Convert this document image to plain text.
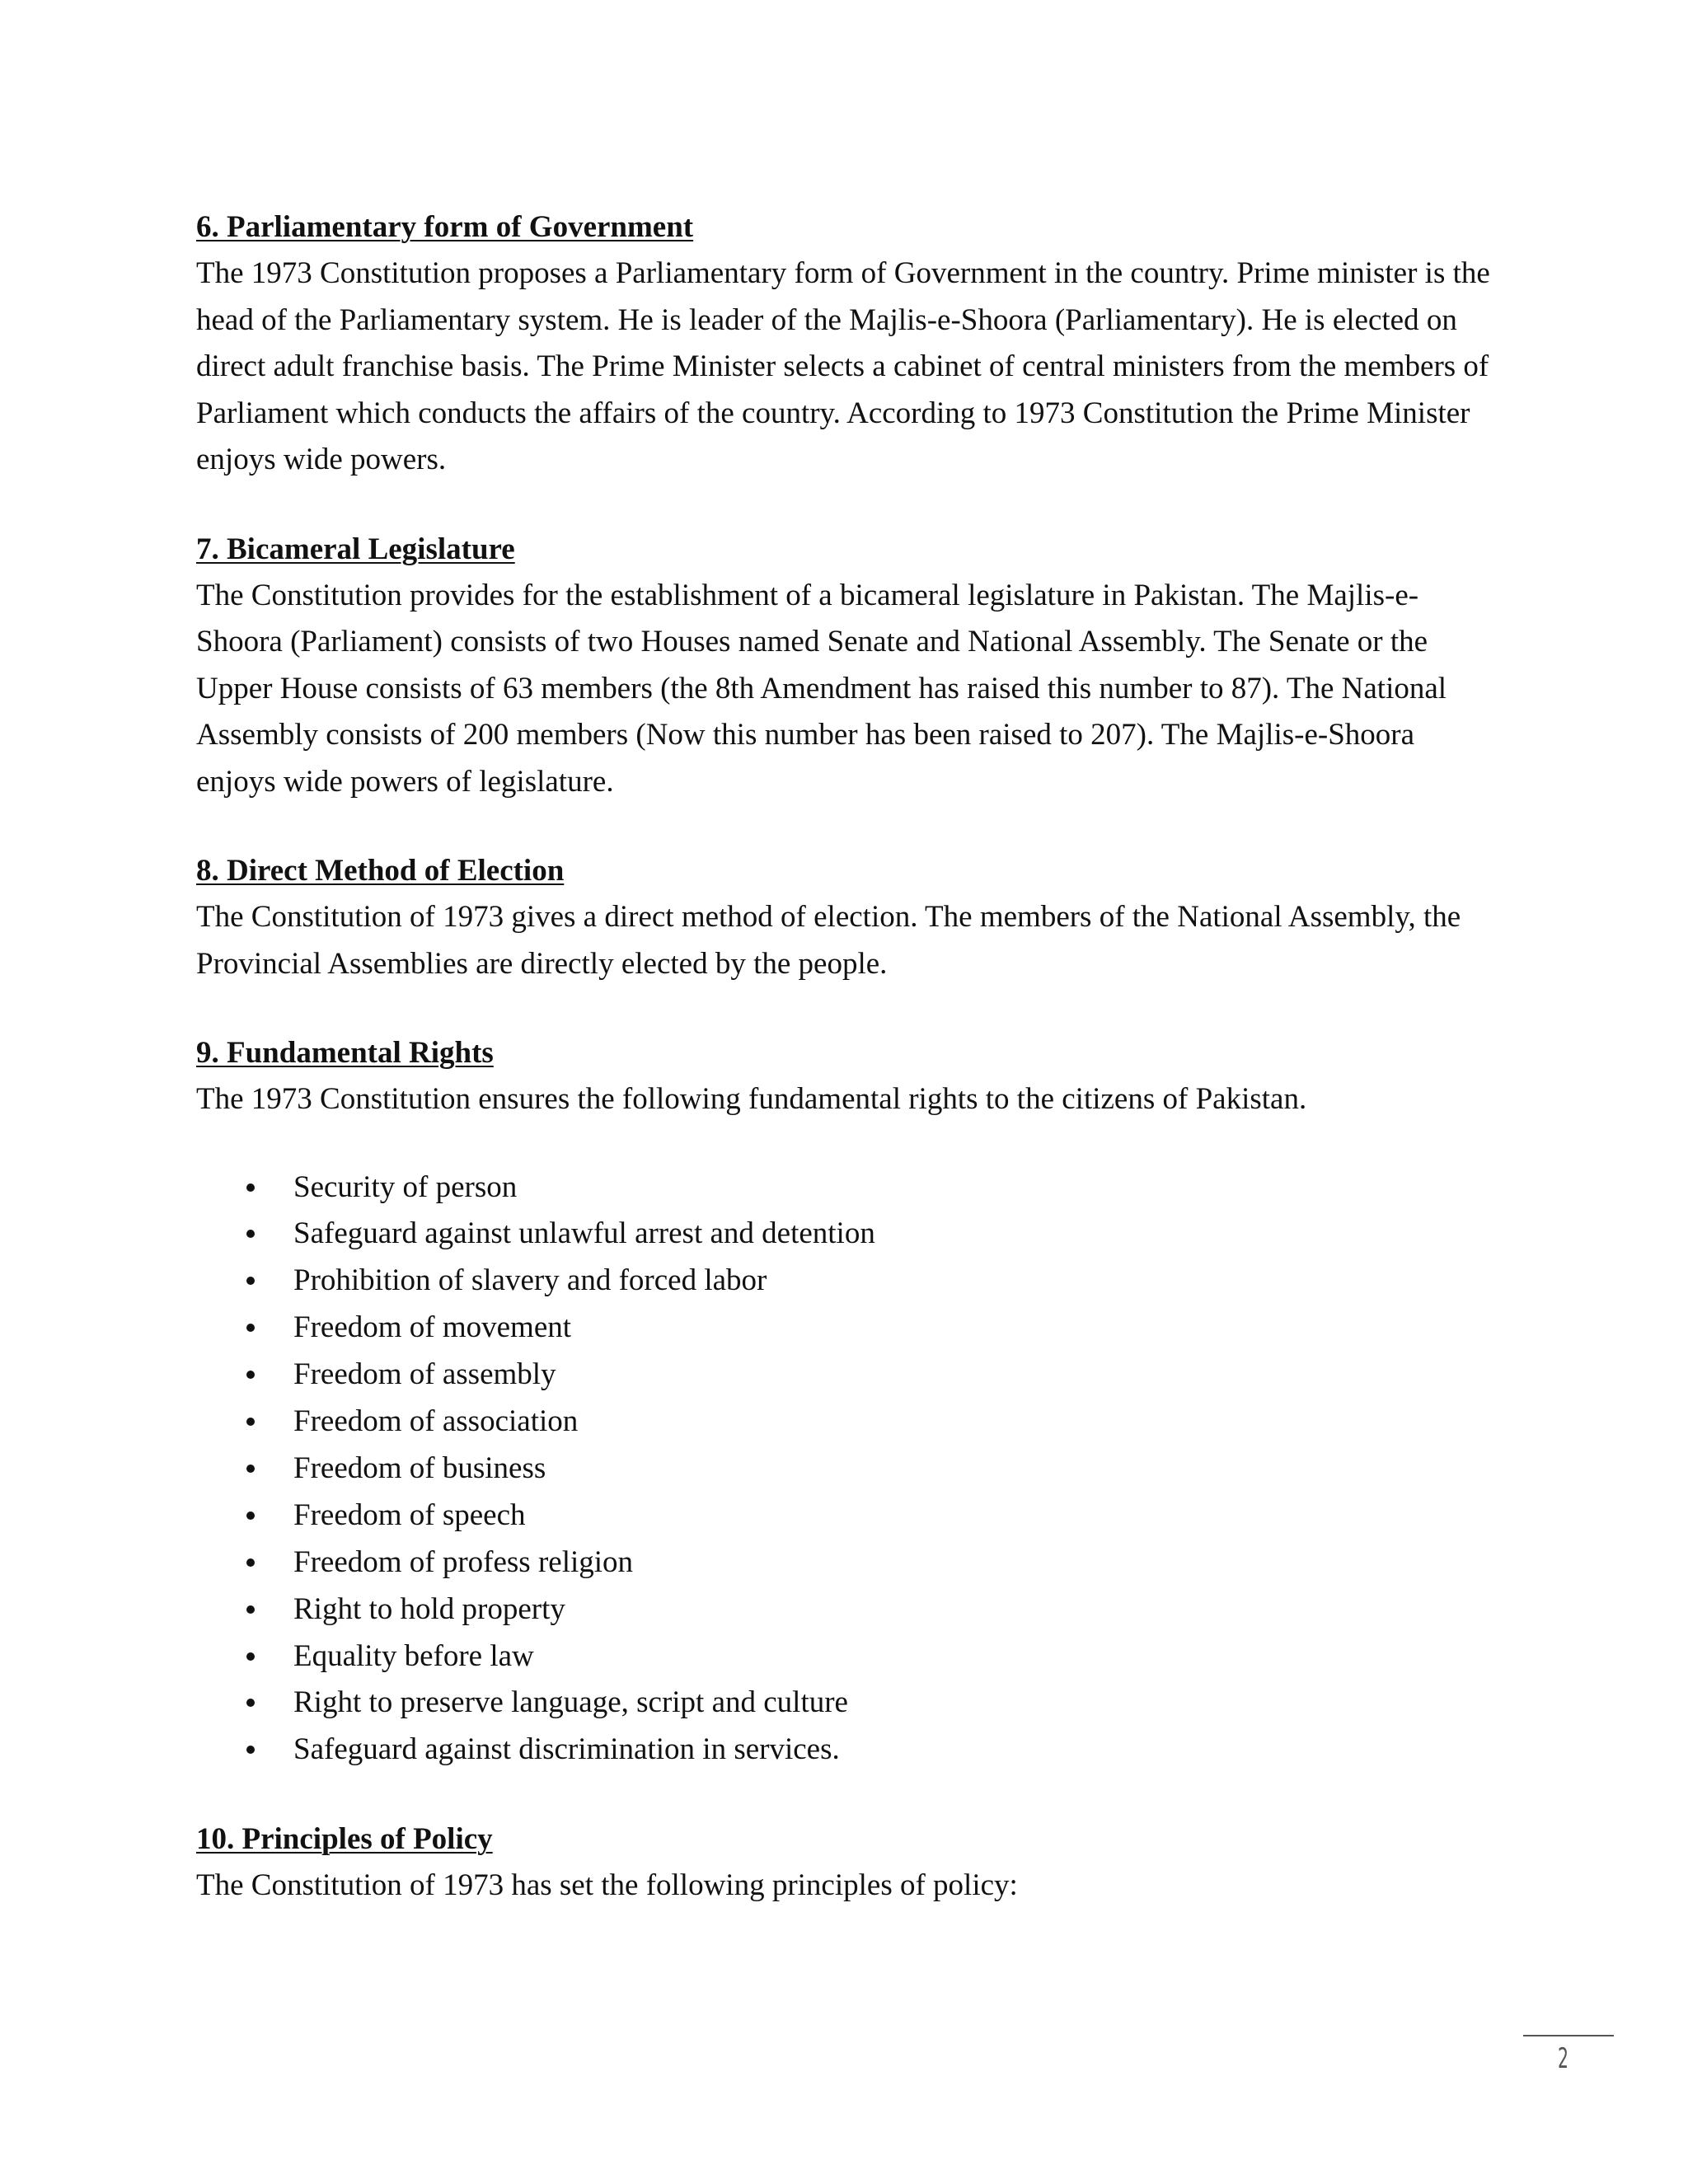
6. Parliamentary form of Government

The 1973 Constitution proposes a Parliamentary form of Government in the country. Prime minister is the head of the Parliamentary system. He is leader of the Majlis-e-Shoora (Parliamentary). He is elected on direct adult franchise basis. The Prime Minister selects a cabinet of central ministers from the members of Parliament which conducts the affairs of the country. According to 1973 Constitution the Prime Minister enjoys wide powers.

7. Bicameral Legislature

The Constitution provides for the establishment of a bicameral legislature in Pakistan. The Majlis-e-Shoora (Parliament) consists of two Houses named Senate and National Assembly. The Senate or the Upper House consists of 63 members (the 8th Amendment has raised this number to 87). The National Assembly consists of 200 members (Now this number has been raised to 207). The Majlis-e-Shoora enjoys wide powers of legislature.

8. Direct Method of Election

The Constitution of 1973 gives a direct method of election. The members of the National Assembly, the Provincial Assemblies are directly elected by the people.

9. Fundamental Rights

The 1973 Constitution ensures the following fundamental rights to the citizens of Pakistan.

Security of person
Safeguard against unlawful arrest and detention
Prohibition of slavery and forced labor
Freedom of movement
Freedom of assembly
Freedom of association
Freedom of business
Freedom of speech
Freedom of profess religion
Right to hold property
Equality before law
Right to preserve language, script and culture
Safeguard against discrimination in services.

10. Principles of Policy

The Constitution of 1973 has set the following principles of policy:

2
